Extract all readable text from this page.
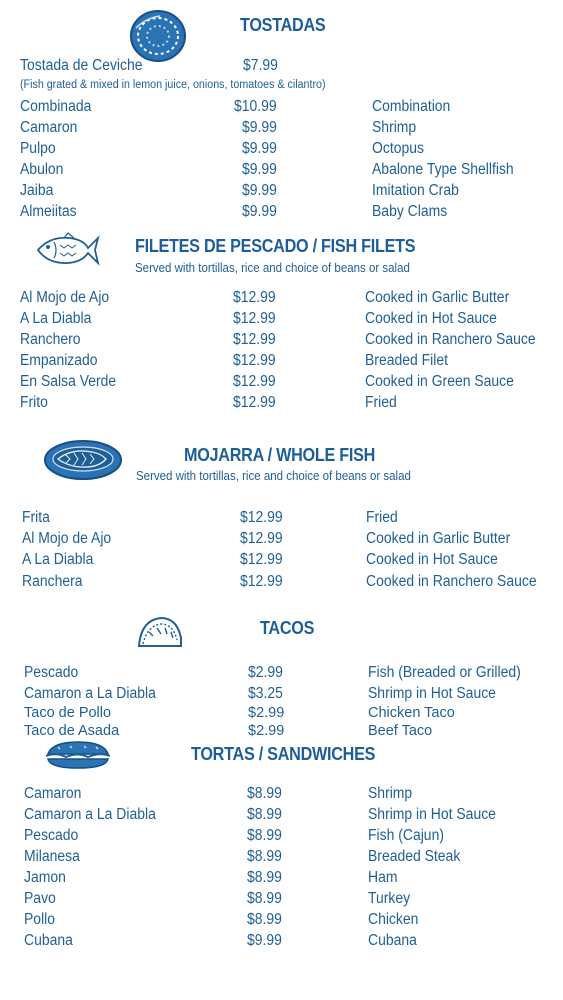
TOSTADAS
Tostada de Ceviche	$7.99
(Fish grated & mixed in lemon juice, onions, tomatoes & cilantro)
Combinada	$10.99	Combination
Camaron	$9.99	Shrimp
Pulpo	$9.99	Octopus
Abulon	$9.99	Abalone Type Shellfish
Jaiba	$9.99	Imitation Crab
Almeiitas	$9.99	Baby Clams
FILETES DE PESCADO / FISH FILETS
Served with tortillas, rice and choice of beans or salad
Al Mojo de Ajo	$12.99	Cooked in Garlic Butter
A La Diabla	$12.99	Cooked in Hot Sauce
Ranchero	$12.99	Cooked in Ranchero Sauce
Empanizado	$12.99	Breaded Filet
En Salsa Verde	$12.99	Cooked in Green Sauce
Frito	$12.99	Fried
MOJARRA / WHOLE FISH
Served with tortillas, rice and choice of beans or salad
Frita	$12.99	Fried
Al Mojo de Ajo	$12.99	Cooked in Garlic Butter
A La Diabla	$12.99	Cooked in Hot Sauce
Ranchera	$12.99	Cooked in Ranchero Sauce
TACOS
Pescado	$2.99	Fish (Breaded or Grilled)
Camaron a La Diabla	$3.25	Shrimp in Hot Sauce
Taco de Pollo	$2.99	Chicken Taco
Taco de Asada	$2.99	Beef Taco
TORTAS / SANDWICHES
Camaron	$8.99	Shrimp
Camaron a La Diabla	$8.99	Shrimp in Hot Sauce
Pescado	$8.99	Fish (Cajun)
Milanesa	$8.99	Breaded Steak
Jamon	$8.99	Ham
Pavo	$8.99	Turkey
Pollo	$8.99	Chicken
Cubana	$9.99	Cubana
